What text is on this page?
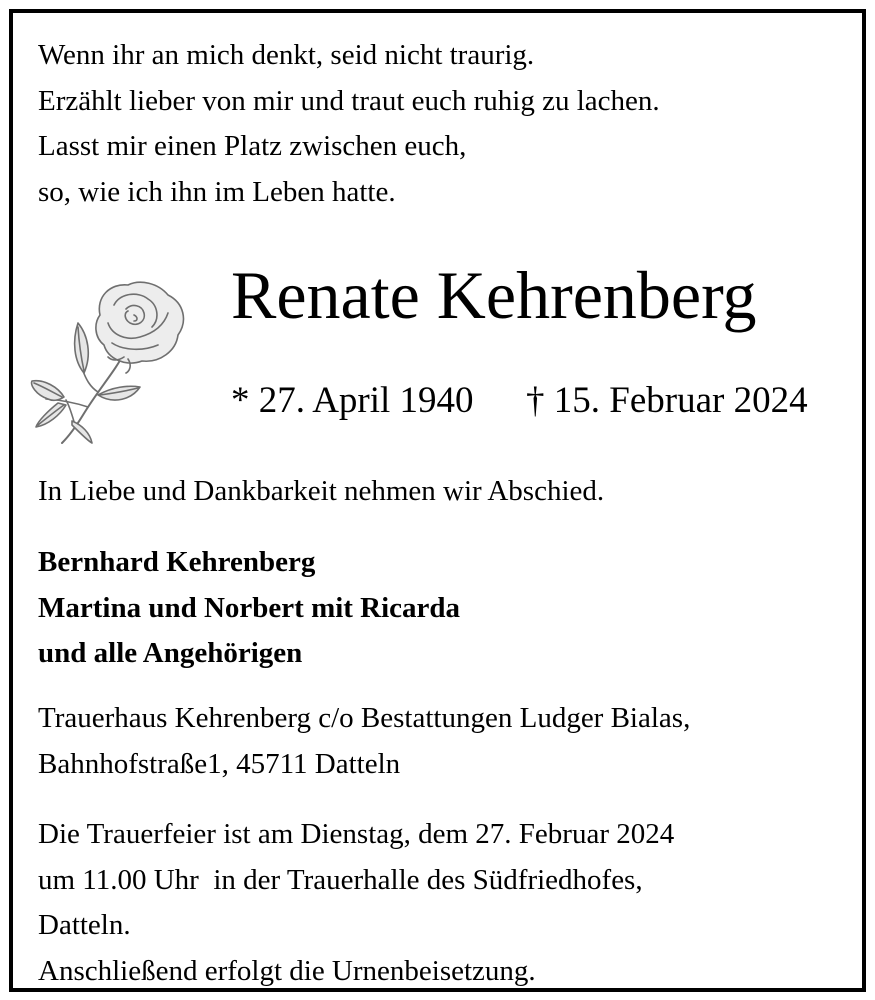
Wenn ihr an mich denkt, seid nicht traurig.
Erzählt lieber von mir und traut euch ruhig zu lachen.
Lasst mir einen Platz zwischen euch,
so, wie ich ihn im Leben hatte.
Renate Kehrenberg
* 27. April 1940 † 15. Februar 2024
In Liebe und Dankbarkeit nehmen wir Abschied.
Bernhard Kehrenberg
Martina und Norbert mit Ricarda
und alle Angehörigen
Trauerhaus Kehrenberg c/o Bestattungen Ludger Bialas,
Bahnhofstraße1, 45711 Datteln
Die Trauerfeier ist am Dienstag, dem 27. Februar 2024
um 11.00 Uhr  in der Trauerhalle des Südfriedhofes,
Datteln.
Anschließend erfolgt die Urnenbeisetzung.
